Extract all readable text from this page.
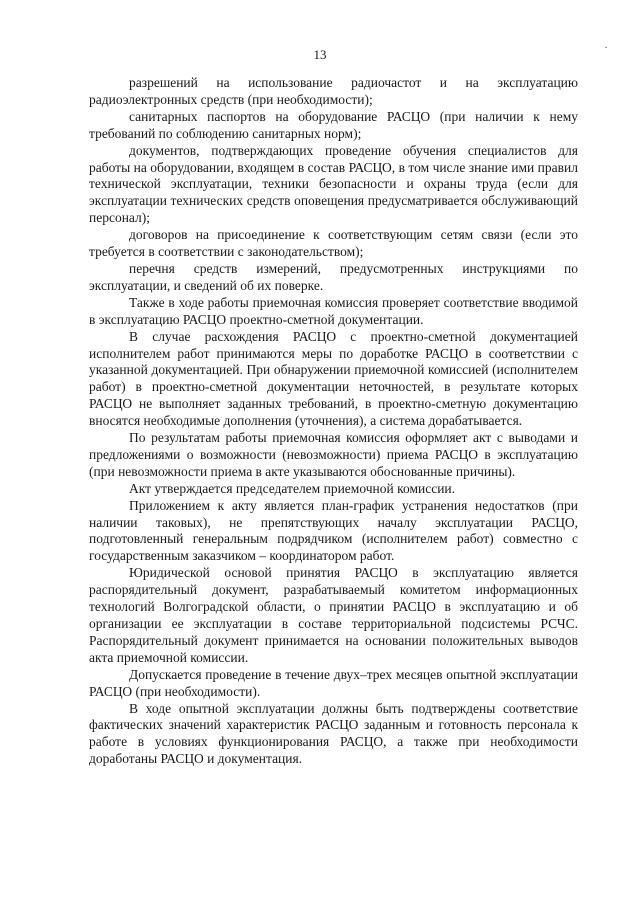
13	·

разрешений на использование радиочастот и на эксплуатацию радиоэлектронных средств (при необходимости);

санитарных паспортов на оборудование РАСЦО (при наличии к нему требований по соблюдению санитарных норм);

документов, подтверждающих проведение обучения специалистов для работы на оборудовании, входящем в состав РАСЦО, в том числе знание ими правил технической эксплуатации, техники безопасности и охраны труда (если для эксплуатации технических средств оповещения предусматривается обслуживающий персонал);

договоров на присоединение к соответствующим сетям связи (если это требуется в соответствии с законодательством);

перечня средств измерений, предусмотренных инструкциями по эксплуатации, и сведений об их поверке.

Также в ходе работы приемочная комиссия проверяет соответствие вводимой в эксплуатацию РАСЦО проектно-сметной документации.

В случае расхождения РАСЦО с проектно-сметной документацией исполнителем работ принимаются меры по доработке РАСЦО в соответствии с указанной документацией. При обнаружении приемочной комиссией (исполнителем работ) в проектно-сметной документации неточностей, в результате которых РАСЦО не выполняет заданных требований, в проектно-сметную документацию вносятся необходимые дополнения (уточнения), а система дорабатывается.

По результатам работы приемочная комиссия оформляет акт с выводами и предложениями о возможности (невозможности) приема РАСЦО в эксплуатацию (при невозможности приема в акте указываются обоснованные причины).

Акт утверждается председателем приемочной комиссии.

Приложением к акту является план-график устранения недостатков (при наличии таковых), не препятствующих началу эксплуатации РАСЦО, подготовленный генеральным подрядчиком (исполнителем работ) совместно с государственным заказчиком – координатором работ.

Юридической основой принятия РАСЦО в эксплуатацию является распорядительный документ, разрабатываемый комитетом информационных технологий Волгоградской области, о принятии РАСЦО в эксплуатацию и об организации ее эксплуатации в составе территориальной подсистемы РСЧС. Распорядительный документ принимается на основании положительных выводов акта приемочной комиссии.

Допускается проведение в течение двух–трех месяцев опытной эксплуатации РАСЦО (при необходимости).

В ходе опытной эксплуатации должны быть подтверждены соответствие фактических значений характеристик РАСЦО заданным и готовность персонала к работе в условиях функционирования РАСЦО, а также при необходимости доработаны РАСЦО и документация.
